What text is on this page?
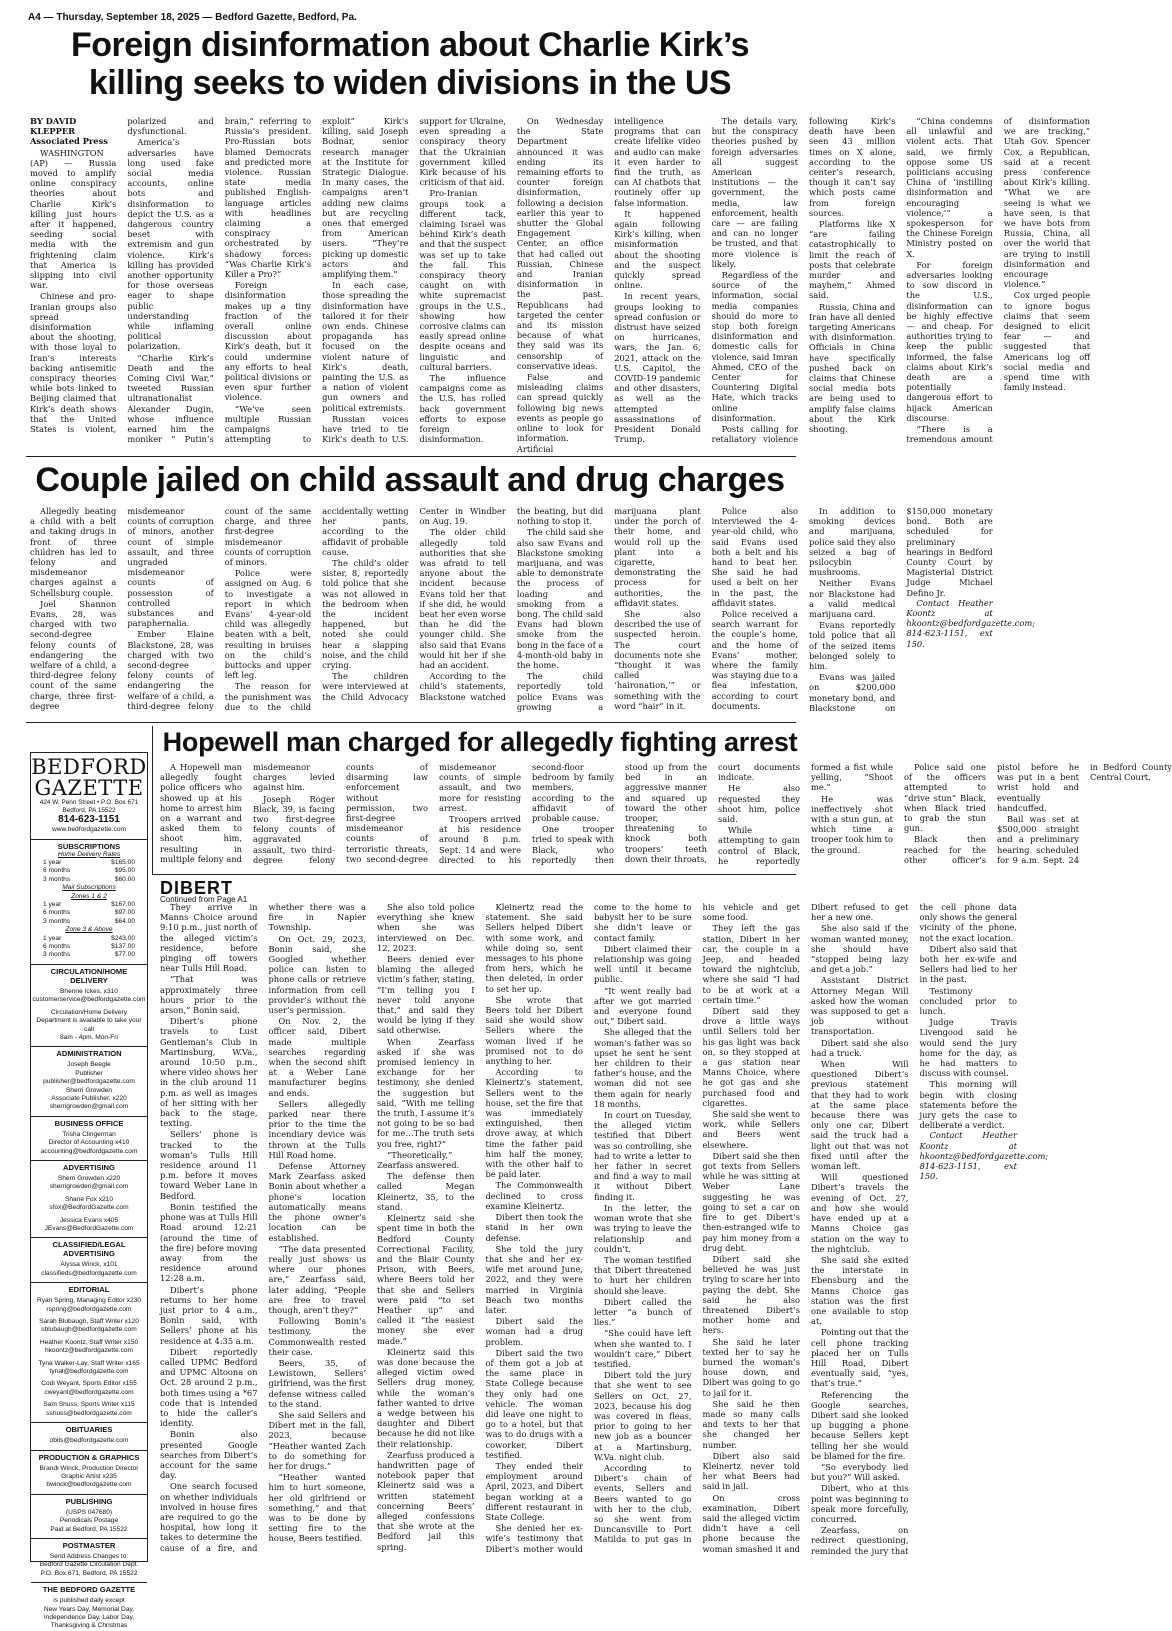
A4 — Thursday, September 18, 2025 — Bedford Gazette, Bedford, Pa.
Foreign disinformation about Charlie Kirk’s killing seeks to widen divisions in the US

BY DAVID KLEPPER
Associated Press

WASHINGTON (AP) — Russia moved to amplify online conspiracy theories about Charlie Kirk’s killing just hours after it happened, seeding social media with the frightening claim that America is slipping into civil war.

Chinese and pro-Iranian groups also spread disinformation about the shooting, with those loyal to Iran’s interests backing antisemitic conspiracy theories while bots linked to Beijing claimed that Kirk’s death shows that the United States is violent, polarized and dysfunctional.

America’s adversaries have long used fake social media accounts, online bots and disinformation to depict the U.S. as a dangerous country beset with extremism and gun violence. Kirk’s killing has provided another opportunity for those overseas eager to shape public understanding while inflaming political polarization.

“Charlie Kirk’s Death and the Coming Civil War,” tweeted Russian ultranationalist Alexander Dugin, whose influence earned him the moniker “ Putin’s brain,” referring to Russia’s president. Pro-Russian bots blamed Democrats and predicted more violence. Russian state media published English-language articles with headlines claiming a conspiracy orchestrated by shadowy forces: “Was Charlie Kirk’s Killer a Pro?”

Foreign disinformation makes up a tiny fraction of the overall online discussion about Kirk’s death, but it could undermine any efforts to heal political divisions or even spur further violence.

“We’ve seen multiple Russian campaigns attempting to exploit” Kirk’s killing, said Joseph Bodnar, senior research manager at the Institute for Strategic Dialogue. In many cases, the campaigns aren’t adding new claims but are recycling ones that emerged from American users. “They’re picking up domestic actors and amplifying them.”

In each case, those spreading the disinformation have tailored it for their own ends. Chinese propaganda has focused on the violent nature of Kirk’s death, painting the U.S. as a nation of violent gun owners and political extremists.

Russian voices have tried to tie Kirk’s death to U.S. support for Ukraine, even spreading a conspiracy theory that the Ukrainian government killed Kirk because of his criticism of that aid.

Pro-Iranian groups took a different tack, claiming Israel was behind Kirk’s death and that the suspect was set up to take the fall. This conspiracy theory caught on with white supremacist groups in the U.S., showing how corrosive claims can easily spread online despite oceans and linguistic and cultural barriers.

The influence campaigns come as the U.S. has rolled back government efforts to expose foreign disinformation.

On Wednesday the State Department announced it was ending its remaining efforts to counter foreign disinformation, following a decision earlier this year to shutter the Global Engagement Center, an office that had called out Russian, Chinese and Iranian disinformation in the past. Republicans had targeted the center and its mission because of what they said was its censorship of conservative ideas.

False and misleading claims can spread quickly following big news events as people go online to look for information. Artificial intelligence programs that can create lifelike video and audio can make it even harder to find the truth, as can AI chatbots that routinely offer up false information.

It happened again following Kirk’s killing, when misinformation about the shooting and the suspect quickly spread online.

In recent years, groups looking to spread confusion or distrust have seized on hurricanes, wars, the Jan. 6, 2021, attack on the U.S. Capitol, the COVID-19 pandemic and other disasters, as well as the attempted assassinations of President Donald Trump.

The details vary, but the conspiracy theories pushed by foreign adversaries all suggest American institutions — the government, the media, law enforcement, health care — are failing and can no longer be trusted, and that more violence is likely.

Regardless of the source of the information, social media companies should do more to stop both foreign disinformation and domestic calls for violence, said Imran Ahmed, CEO of the Center for Countering Digital Hate, which tracks online disinformation.

Posts calling for retaliatory violence following Kirk’s death have been seen 43 million times on X alone, according to the center’s research, though it can’t say which posts came from foreign sources.

Platforms like X “are failing catastrophically to limit the reach of posts that celebrate murder and mayhem,” Ahmed said.

Russia, China and Iran have all denied targeting Americans with disinformation. Officials in China have specifically pushed back on claims that Chinese social media bots are being used to amplify false claims about the Kirk shooting.

“China condemns all unlawful and violent acts. That said, we firmly oppose some US politicians accusing China of ‘instilling disinformation and encouraging violence,’” a spokesperson for the Chinese Foreign Ministry posted on X.

For foreign adversaries looking to sow discord in the U.S., disinformation can be highly effective — and cheap. For authorities trying to keep the public informed, the false claims about Kirk’s death are a potentially dangerous effort to hijack American discourse.

“There is a tremendous amount of disinformation we are tracking,” Utah Gov. Spencer Cox, a Republican, said at a recent press conference about Kirk’s killing. “What we are seeing is what we have seen, is that we have bots from Russia, China, all over the world that are trying to instill disinformation and encourage violence.”

Cox urged people to ignore bogus claims that seem designed to elicit fear — and suggested that Americans log off social media and spend time with family instead.

Couple jailed on child assault and drug charges

Allegedly beating a child with a belt and taking drugs in front of three children has led to felony and misdemeanor charges against a Schellsburg couple.

Joel Shannon Evans, 28, was charged with two second-degree felony counts of endangering the welfare of a child, a third-degree felony count of the same charge, three first-degree misdemeanor counts of corruption of minors, another count of simple assault, and three ungraded misdemeanor counts of possession of controlled substances and paraphernalia.

Ember Elaine Blackstone, 28, was charged with two second-degree felony counts of endangering the welfare of a child, a third-degree felony count of the same charge, and three first-degree misdemeanor counts of corruption of minors.

Police were assigned on Aug. 6 to investigate a report in which Evans’ 4-year-old child was allegedly beaten with a belt, resulting in bruises on the child’s buttocks and upper left leg.

The reason for the punishment was due to the child accidentally wetting her pants, according to the affidavit of probable cause.

The child’s older sister, 8, reportedly told police that she was not allowed in the bedroom when the incident happened, but noted she could hear a slapping noise, and the child crying.

The children were interviewed at the Child Advocacy Center in Windber on Aug. 19.

The older child allegedly told authorities that she was afraid to tell anyone about the incident because Evans told her that if she did, he would beat her even worse than he did the younger child. She also said that Evans would hit her if she had an accident.

According to the child’s statements, Blackstone watched the beating, but did nothing to stop it.

The child said she also saw Evans and Blackstone smoking marijuana, and was able to demonstrate the process of loading and smoking from a bong. The child said Evans had blown smoke from the bong in the face of a 4-month-old baby in the home.

The child reportedly told police Evans was growing a marijuana plant under the porch of their home, and would roll up the plant into a cigarette, demonstrating the process for authorities, the affidavit states.

She also described the use of suspected heroin. The court documents note she “thought it was called ‘haironation,’” or something with the word “hair” in it.

Police also interviewed the 4-year-old child, who said Evans used both a belt and his hand to beat her. She said he had used a belt on her in the past, the affidavit states.

Police received a search warrant for the couple’s home, and the home of Evans’ mother, where the family was staying due to a flea infestation, according to court documents.

In addition to smoking devices and marijuana, police said they also seized a bag of psilocybin mushrooms.

Neither Evans nor Blackstone had a valid medical marijuana card.

Evans reportedly told police that all of the seized items belonged solely to him.

Evans was jailed on $200,000 monetary bond, and Blackstone on $150,000 monetary bond. Both are scheduled for preliminary hearings in Bedford County Court by Magisterial District Judge Michael Defino Jr.

Contact Heather Koontz at hkoontz@bedfordgazette.com; 814-623-1151, ext 150.

BEDFORD
GAZETTE
424 W. Penn Street • P.O. Box 671
Bedford, PA 15522
814-623-1151
www.bedfordgazette.com
SUBSCRIPTIONS
Home Delivery Rates
1 year	$165.00
6 months	$95.00
3 months	$60.00
Mail Subscriptions
Zones 1 & 2
1 year	$167.00
6 months	$97.00
3 months	$64.00
Zone 3 & Above
1 year	$243.00
6 months	$137.00
3 months	$77.00
CIRCULATION/HOME DELIVERY
Bhenne Ickes, x310
customerservice@bedfordgazette.com
Circulation/Home Delivery
Department is available to take your call
8am - 4pm. Mon-Fri
ADMINISTRATION
Joseph Beegle
Publisher
publisher@bedfordgazette.com
Sherri Growden
Associate Publisher, x220
sherrigrowden@gmail.com
BUSINESS OFFICE
Trisha Clingerman
Director of Accounting x410
accounting@bedfordgazette.com
ADVERTISING
Sherri Growden x220
sherrigrowden@gmail.com
Shane Fox x210
sfox@BedfordGazette.com
Jessica Evans x405
JEvans@BedfordGazette.com
CLASSIFIED/LEGAL ADVERTISING
Alyssa Winck, x101
classifieds@bedfordgazette.com
EDITORIAL
Ryan Spring, Managing Editor x230
rspring@bedfordgazette.com
Sarah Blubaugh, Staff Writer x120
sblubaugh@bedfordgazette.com
Heather Koontz, Staff Writer x150
hkoontz@bedfordgazette.com
Tyna Walker-Lay, Staff Writer x165
tynal@bedfordgazette.com
Codi Weyant, Sports Editor x155
cweyant@bedfordgazette.com
Sam Shuss, Sports Writer x115
sshuss@bedfordgazette.com
OBITUARIES
obits@bedfordgazette.com
PRODUCTION & GRAPHICS
Brandi Winck, Production Director
Graphic Artist x235
bwinck@bedfordgazette.com
PUBLISHING
(USPS 047680)
Periodicals Postage
Paid at Bedford, PA 15522
POSTMASTER
Send Address Changes to:
Bedford Gazette Circulation Dept.
P.O. Box 671, Bedford, PA 15522
THE BEDFORD GAZETTE
is published daily except
New Years Day, Memorial Day,
Independence Day, Labor Day,
Thanksgiving & Christmas
Hopewell man charged for allegedly fighting arrest

A Hopewell man allegedly fought police officers who showed up at his home to arrest him on a warrant and asked them to shoot him, resulting in multiple felony and misdemeanor charges levied against him.

Joseph Roger Black, 39, is facing two first-degree felony counts of aggravated assault, two third-degree felony counts of disarming law enforcement without permission, two first-degree misdemeanor counts of terroristic threats, two second-degree misdemeanor counts of simple assault, and two more for resisting arrest.

Troopers arrived at his residence around 8 p.m. Sept. 14 and were directed to his second-floor bedroom by family members, according to the affidavit of probable cause.

One trooper tried to speak with Black, who reportedly then stood up from the bed in an aggressive manner and squared up toward the other trooper, threatening to knock both troopers’ teeth down their throats, court documents indicate.

He also requested they shoot him, police said.

While attempting to gain control of Black, he reportedly formed a fist while yelling, “Shoot me.”

He was ineffectively shot with a stun gun, at which time a trooper took him to the ground.

Police said one of the officers attempted to “drive stun” Black, when Black tried to grab the stun gun.

Black then reached for the other officer’s pistol before he was put in a bent wrist hold and eventually handcuffed.

Bail was set at $500,000 straight and a preliminary hearing scheduled for 9 a.m. Sept. 24 in Bedford County Central Court.

DIBERT
Continued from Page A1

They arrive in Manns Choice around 9:10 p.m., just north of the alleged victim’s residence, before pinging off towers near Tulls Hill Road.

“That was approximately three hours prior to the arson,” Bonin said.

Dibert’s phone travels to Lust Gentleman’s Club in Martinsburg, W.Va., around 10:50 p.m., where video shows her in the club around 11 p.m. as well as images of her sitting with her back to the stage, texting.

Sellers’ phone is tracked to the woman’s Tulls Hill residence around 11 p.m. before it moves toward Weber Lane in Bedford.

Bonin testified the phone was at Tulls Hill Road around 12:21 (around the time of the fire) before moving away from the residence around 12:28 a.m.

Dibert’s phone returns to her home just prior to 4 a.m., Bonin said, with Sellers’ phone at his residence at 4:35 a.m.

Dibert reportedly called UPMC Bedford and UPMC Altoona on Oct. 28 around 2 p.m., both times using a *67 code that is intended to hide the caller’s identity.

Bonin also presented Google searches from Dibert’s account for the same day.

One search focused on whether individuals involved in house fires are required to go the hospital, how long it takes to determine the cause of a fire, and whether there was a fire in Napier Township.

On Oct. 29, 2023, Bonin said, she Googled whether police can listen to phone calls or retrieve information from cell provider’s without the user’s permission.

On Nov. 2, the officer said, Dibert made multiple searches regarding when the second shift at a Weber Lane manufacturer begins and ends.

Sellers allegedly parked near there prior to the time the incendiary device was thrown at the Tulls Hill Road home.

Defense Attorney Mark Zearfass asked Bonin about whether a phone’s location automatically means the phone owner’s location can be established.

“The data presented really just shows us where our phones are,” Zearfass said, later adding, “People are free to travel though, aren’t they?”

Following Bonin’s testimony, the Commonwealth rested their case.

Beers, 35, of Lewistown, Sellers’ girlfriend, was the first defense witness called to the stand.

She said Sellers and Dibert met in the fall, 2023, because “Heather wanted Zach to do something for her for drugs.”

“Heather wanted him to hurt someone, her old girlfriend or something,” and that was to be done by setting fire to the house, Beers testified.

She also told police everything she knew when she was interviewed on Dec. 12, 2023.

Beers denied ever blaming the alleged victim’s father, stating, “I’m telling you I never told anyone that,” and said they would be lying if they said otherwise.

When Zearfass asked if she was promised leniency in exchange for her testimony, she denied the suggestion but said, “With me telling the truth, I assume it’s not going to be so bad for me…The truth sets you free, right?”

“Theoretically,” Zearfass answered.

The defense then called Megan Kleinertz, 35, to the stand.

Kleinertz said she spent time in both the Bedford County Correctional Facility, and the Blair County Prison, with Beers, where Beers told her that she and Sellers were paid “to set Heather up” and called it “the easiest money she ever made.”

Kleinertz said this was done because the alleged victim owed Sellers drug money, while the woman’s father wanted to drive a wedge between his daughter and Dibert because he did not like their relationship.

Zearfuss produced a handwritten page of notebook paper that Kleinertz said was a written statement concerning Beers’ alleged confessions that she wrote at the Bedford jail this spring.

Kleinertz read the statement. She said Sellers helped Dibert with some work, and while doing so, sent messages to his phone from hers, which he then deleted, in order to set her up.

She wrote that Beers told her Dibert said she would show Sellers where the woman lived if he promised not to do anything to her.

According to Kleinertz’s statement, Sellers went to the house, set the fire that was immediately extinguished, then drove away, at which time the father paid him half the money, with the other half to be paid later.

The Commonwealth declined to cross examine Kleinertz.

Dibert then took the stand in her own defense.

She told the jury that she and her ex-wife met around June, 2022, and they were married in Virginia Beach two months later.

Dibert said the woman had a drug problem.

Dibert said the two of them got a job at the same place in State College because they only had one vehicle. The woman did leave one night to go to a hotel, but that was to do drugs with a coworker, Dibert testified.

They ended their employment around April, 2023, and Dibert began working at a different restaurant in State College.

She denied her ex-wife’s testimony that Dibert’s mother would come to the home to babysit her to be sure she didn’t leave or contact family.

Dibert claimed their relationship was going well until it became public.

“It went really bad after we got married and everyone found out,” Dibert said.

She alleged that the woman’s father was so upset he sent he sent her children to their father’s house, and the woman did not see them again for nearly 18 months.

In court on Tuesday, the alleged victim testified that Dibert was so controlling, she had to write a letter to her father in secret and find a way to mail it without Dibert finding it.

In the letter, the woman wrote that she was trying to leave the relationship and couldn’t.

The woman testified that Dibert threatened to hurt her children should she leave.

Dibert called the letter “a bunch of lies.”

“She could have left when she wanted to. I wouldn’t care,” Dibert testified.

Dibert told the jury that she went to see Sellers on Oct. 27, 2023, because his dog was covered in fleas, prior to going to her new job as a bouncer at a Martinsburg, W.Va. night club.

According to Dibert’s chain of events, Sellers and Beers wanted to go with her to the club, so she went from Duncansville to Port Matilda to put gas in his vehicle and get some food.

They left the gas station, Dibert in her car, the couple in a Jeep, and headed toward the nightclub, where she said “I had to be at work at a certain time.”

Dibert said they drove a little ways until Sellers told her his gas light was back on, so they stopped at a gas station near Manns Choice, where he got gas and she purchased food and cigarettes.

She said she went to work, while Sellers and Beers went elsewhere.

Dibert said she then got texts from Sellers while he was sitting at Weber Lane suggesting he was going to set a car on fire to get Dibert’s then-estranged wife to pay him money from a drug debt.

Dibert said she believed he was just trying to scare her into paying the debt. She said he also threatened Dibert’s mother home and hers.

She said he later texted her to say he burned the woman’s house down, and Dibert was going to go to jail for it.

She said he then made so many calls and texts to her that she changed her number.

Dibert also said Kleinertz never told her what Beers had said in jail.

On cross examination, Dibert said the alleged victim didn’t have a cell phone because the woman smashed it and Dibert refused to get her a new one.

She also said if the woman wanted money, she should have “stopped being lazy and get a job.”

Assistant District Attorney Megan Will asked how the woman was supposed to get a job without transportation.

Dibert said she also had a truck.

When Will questioned Dibert’s previous statement that they had to work at the same place because there was only one car, Dibert said the truck had a light out that was not fixed until after the woman left.

Will questioned Dibert’s travels the evening of Oct. 27, and how she would have ended up at a Manns Choice gas station on the way to the nightclub.

She said she exited the interstate in Ebensburg and the Manns Choice gas station was the first one available to stop at.

Pointing out that the cell phone tracking placed her on Tulls Hill Road, Dibert eventually said, “yes, that’s true.”

Referencing the Google searches, Dibert said she looked up bugging a phone because Sellers kept telling her she would be blamed for the fire.

“So everybody lied but you?” Will asked.

Dibert, who at this point was beginning to speak more forcefully, concurred.

Zearfass, on redirect questioning, reminded the jury that the cell phone data only shows the general vicinity of the phone, not the exact location.

Dibert also said that both her ex-wife and Sellers had lied to her in the past.

Testimony concluded prior to lunch.

Judge Travis Livengood said he would send the jury home for the day, as he had matters to discuss with counsel.

This morning will begin with closing statements before the jury gets the case to deliberate a verdict.

Contact Heather Koontz at hkoontz@bedfordgazette.com; 814-623-1151, ext 150.
